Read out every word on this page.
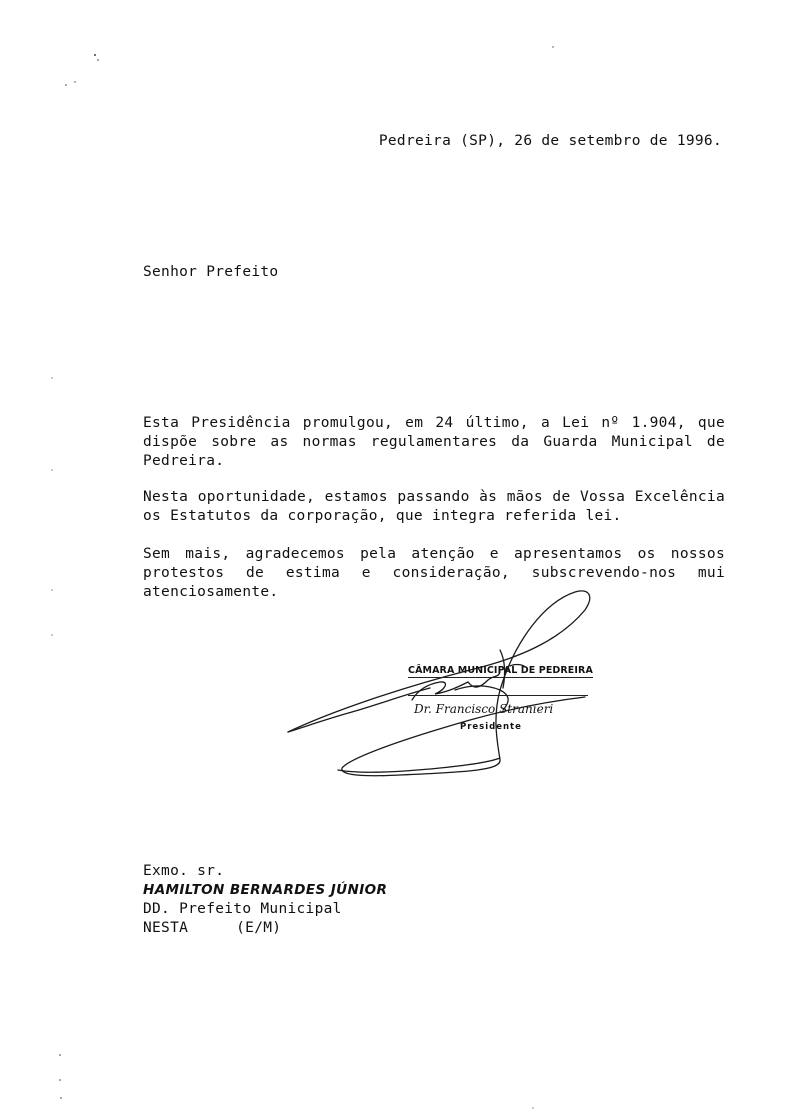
Pedreira (SP), 26 de setembro de 1996.
Senhor Prefeito
Esta Presidência promulgou, em 24 último, a Lei nº 1.904, que dispõe sobre as normas regulamentares da Guarda Municipal de Pedreira.
Nesta oportunidade, estamos passando às mãos de Vossa Excelência os Estatutos da corporação, que integra referida lei.
Sem mais, agradecemos pela atenção e apresentamos os nossos protestos de estima e consideração, subscrevendo-nos mui atenciosamente.
CÂMARA MUNICIPAL DE PEDREIRA
Dr. Francisco Stranieri
Presidente
Exmo. sr.
HAMILTON BERNARDES JÚNIOR
DD. Prefeito Municipal
NESTA	(E/M)
